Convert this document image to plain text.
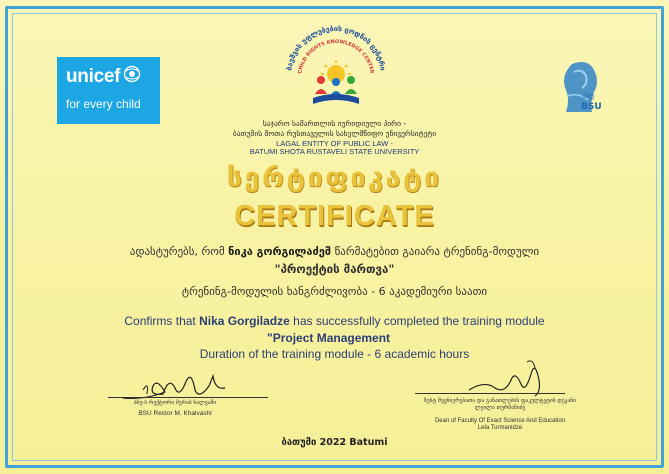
unicef
for every child
ბავშვის უფლებების ცოდნის ცენტრი
CHILD RIGHTS KNOWLEDGE CENTER
ბსუ
BSU
საჯარო სამართლის იურიდიული პირი -
ბათუმის შოთა რუსთაველის სახელმწიფო უნივერსიტეტი
LAGAL ENTITY OF PUBLIC LAW -
BATUMI SHOTA RUSTAVELI STATE UNIVERSITY
სერტიფიკატი
CERTIFICATE
ადასტურებს, რომ ნიკა გორგილაძემ წარმატებით გაიარა ტრენინგ-მოდული
"პროექტის მართვა"
ტრენინგ-მოდულის ხანგრძლივობა - 6 აკადემიური საათი
Confirms that Nika Gorgiladze has successfully completed the training module
"Project Management
Duration of the training module - 6 academic hours
ბსუ-ს რექტორი მერაბ ხალვაში
BSU Rector M. Khalvashi
ზუსტ მეცნიერებათა და განათლების ფაკულტეტის დეკანი
ლეილა თურმანიძე
Dean of Faculty Of Exact Science And Education
Lela Turmanidze
ბათუმი 2022 Batumi
